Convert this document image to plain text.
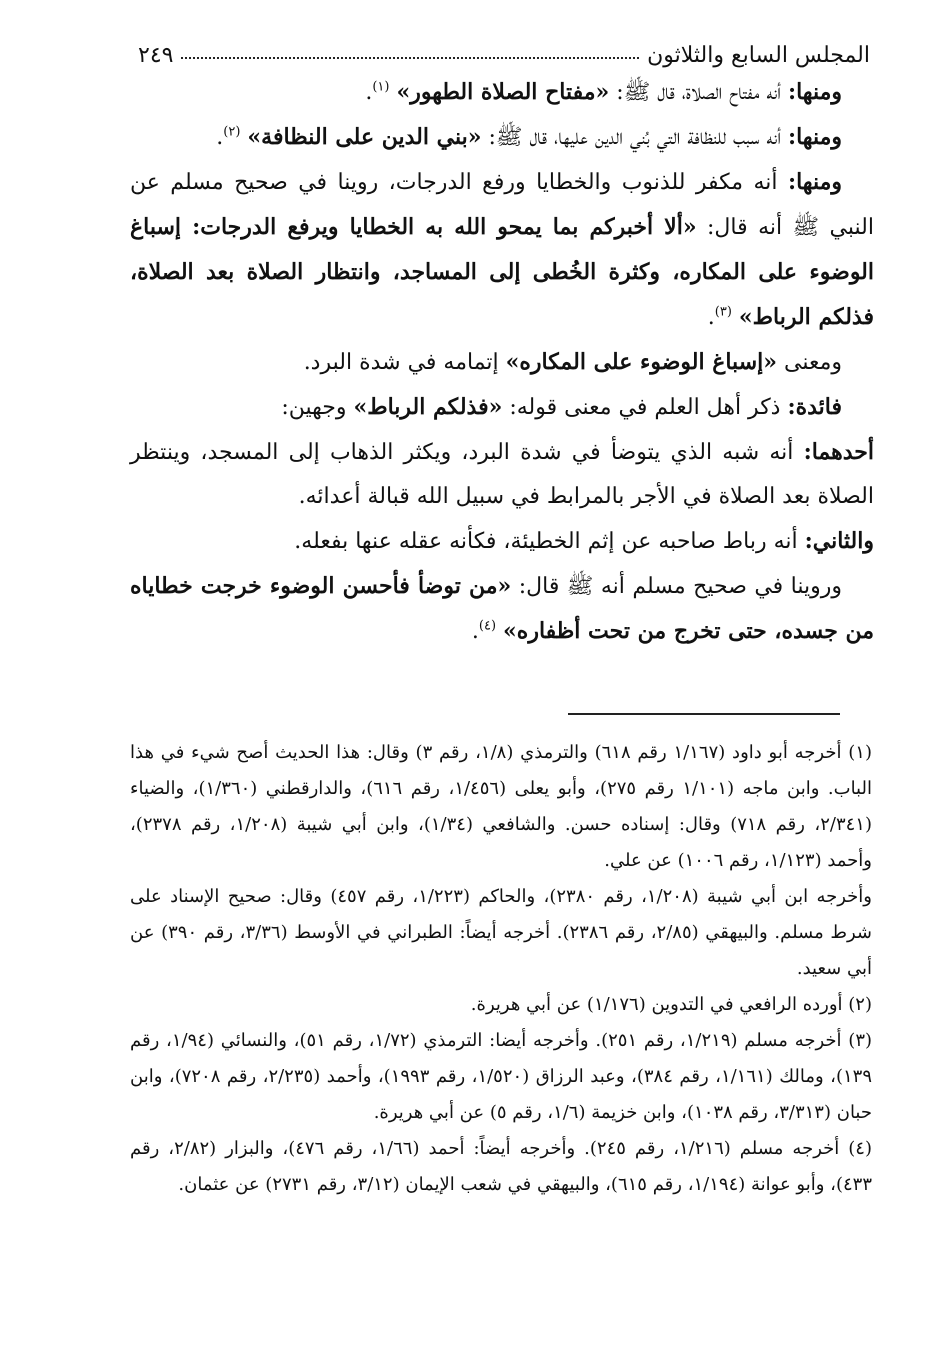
المجلس السابع والثلاثون
٢٤٩

ومنها: أنه مفتاح الصلاة، قال ﷺ: «مفتاح الصلاة الطهور» $^{(١)}$.

ومنها: أنه سبب للنظافة التي بُني الدين عليها، قال ﷺ: «بني الدين على النظافة» $^{(٢)}$.

ومنها: أنه مكفر للذنوب والخطايا ورفع الدرجات، روينا في صحيح مسلم عن النبي ﷺ أنه قال: «ألا أخبركم بما يمحو الله به الخطايا ويرفع الدرجات: إسباغ الوضوء على المكاره، وكثرة الخُطى إلى المساجد، وانتظار الصلاة بعد الصلاة، فذلكم الرباط» $^{(٣)}$.

ومعنى «إسباغ الوضوء على المكاره» إتمامه في شدة البرد.

فائدة: ذكر أهل العلم في معنى قوله: «فذلكم الرباط» وجهين:

أحدهما: أنه شبه الذي يتوضأ في شدة البرد، ويكثر الذهاب إلى المسجد، وينتظر الصلاة بعد الصلاة في الأجر بالمرابط في سبيل الله قبالة أعدائه.

والثاني: أنه رباط صاحبه عن إثم الخطيئة، فكأنه عقله عنها بفعله.

وروينا في صحيح مسلم أنه ﷺ قال: «من توضأ فأحسن الوضوء خرجت خطاياه من جسده، حتى تخرج من تحت أظفاره» $^{(٤)}$.

(١) أخرجه أبو داود (١/١٦٧ رقم ٦١٨) والترمذي (١/٨، رقم ٣) وقال: هذا الحديث أصح شيء في هذا الباب. وابن ماجه (١/١٠١ رقم ٢٧٥)، وأبو يعلى (١/٤٥٦، رقم ٦١٦)، والدارقطني (١/٣٦٠)، والضياء (٢/٣٤١، رقم ٧١٨) وقال: إسناده حسن. والشافعي (١/٣٤)، وابن أبي شيبة (١/٢٠٨، رقم ٢٣٧٨)، وأحمد (١/١٢٣، رقم ١٠٠٦) عن علي.

وأخرجه ابن أبي شيبة (١/٢٠٨، رقم ٢٣٨٠)، والحاكم (١/٢٢٣، رقم ٤٥٧) وقال: صحيح الإسناد على شرط مسلم. والبيهقي (٢/٨٥، رقم ٢٣٨٦). أخرجه أيضاً: الطبراني في الأوسط (٣/٣٦، رقم ٣٩٠) عن أبي سعيد.

(٢) أورده الرافعي في التدوين (١/١٧٦) عن أبي هريرة.

(٣) أخرجه مسلم (١/٢١٩، رقم ٢٥١). وأخرجه أيضا: الترمذي (١/٧٢، رقم ٥١)، والنسائي (١/٩٤، رقم ١٣٩)، ومالك (١/١٦١، رقم ٣٨٤)، وعبد الرزاق (١/٥٢٠، رقم ١٩٩٣)، وأحمد (٢/٢٣٥، رقم ٧٢٠٨)، وابن حبان (٣/٣١٣، رقم ١٠٣٨)، وابن خزيمة (١/٦، رقم ٥) عن أبي هريرة.

(٤) أخرجه مسلم (١/٢١٦، رقم ٢٤٥). وأخرجه أيضاً: أحمد (١/٦٦، رقم ٤٧٦)، والبزار (٢/٨٢، رقم ٤٣٣)، وأبو عوانة (١/١٩٤، رقم ٦١٥)، والبيهقي في شعب الإيمان (٣/١٢، رقم ٢٧٣١) عن عثمان.
